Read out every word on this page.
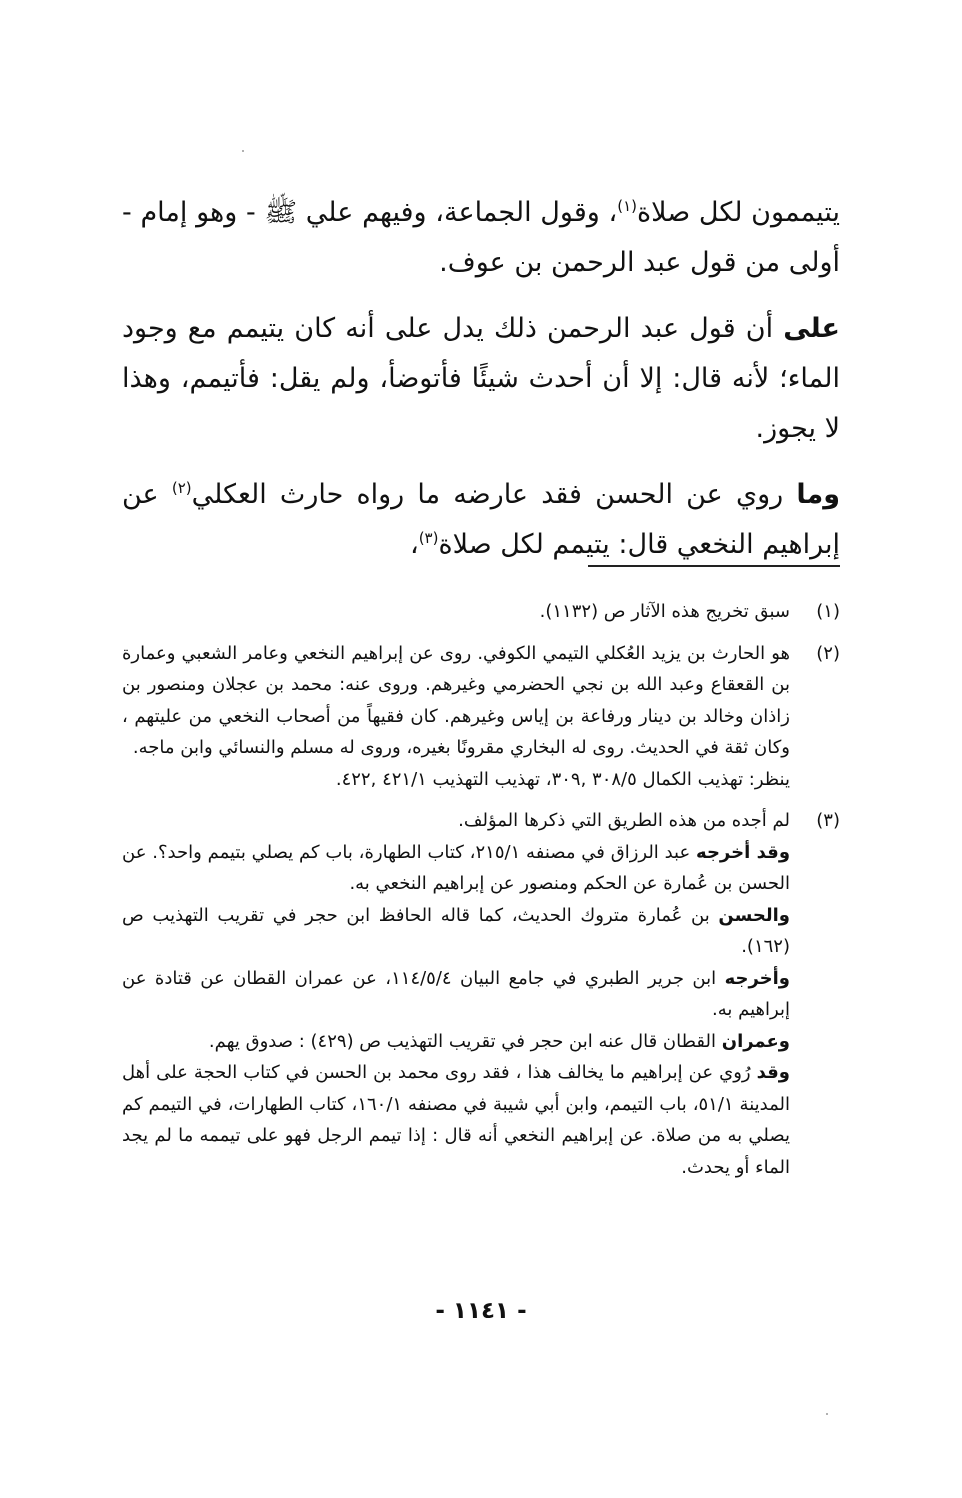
يتيممون لكل صلاة$^{(١)}$، وقول الجماعة، وفيهم علي ﷺ - وهو إمام - أولى من قول عبد الرحمن بن عوف.

على أن قول عبد الرحمن ذلك يدل على أنه كان يتيمم مع وجود الماء؛ لأنه قال: إلا أن أحدث شيئًا فأتوضأ، ولم يقل: فأتيمم، وهذا لا يجوز.

وما روي عن الحسن فقد عارضه ما رواه حارث العكلي$^{(٢)}$ عن إبراهيم النخعي قال: يتيمم لكل صلاة$^{(٣)}$،

(١)
سبق تخريج هذه الآثار ص (١١٣٢).
(٢)
هو الحارث بن يزيد العُكلي التيمي الكوفي. روى عن إبراهيم النخعي وعامر الشعبي وعمارة بن القعقاع وعبد الله بن نجي الحضرمي وغيرهم. وروى عنه: محمد بن عجلان ومنصور بن زاذان وخالد بن دينار ورفاعة بن إياس وغيرهم. كان فقيهاً من أصحاب النخعي من عليتهم ، وكان ثقة في الحديث. روى له البخاري مقرونًا بغيره، وروى له مسلم والنسائي وابن ماجه.
ينظر: تهذيب الكمال ٣٠٨/٥ ,٣٠٩، تهذيب التهذيب ٤٢١/١ ,٤٢٢.
(٣)
لم أجده من هذه الطريق التي ذكرها المؤلف.
وقد أخرجه عبد الرزاق في مصنفه ٢١٥/١، كتاب الطهارة، باب كم يصلي بتيمم واحد؟. عن الحسن بن عُمارة عن الحكم ومنصور عن إبراهيم النخعي به.
والحسن بن عُمارة متروك الحديث، كما قاله الحافظ ابن حجر في تقريب التهذيب ص (١٦٢).
وأخرجه ابن جرير الطبري في جامع البيان ١١٤/٥/٤، عن عمران القطان عن قتادة عن إبراهيم به.
وعمران القطان قال عنه ابن حجر في تقريب التهذيب ص (٤٢٩) : صدوق يهم.
وقد رُوي عن إبراهيم ما يخالف هذا ، فقد روى محمد بن الحسن في كتاب الحجة على أهل المدينة ٥١/١، باب التيمم، وابن أبي شيبة في مصنفه ١٦٠/١، كتاب الطهارات، في التيمم كم يصلي به من صلاة. عن إبراهيم النخعي أنه قال : إذا تيمم الرجل فهو على تيممه ما لم يجد الماء أو يحدث.
- ١١٤١ -
